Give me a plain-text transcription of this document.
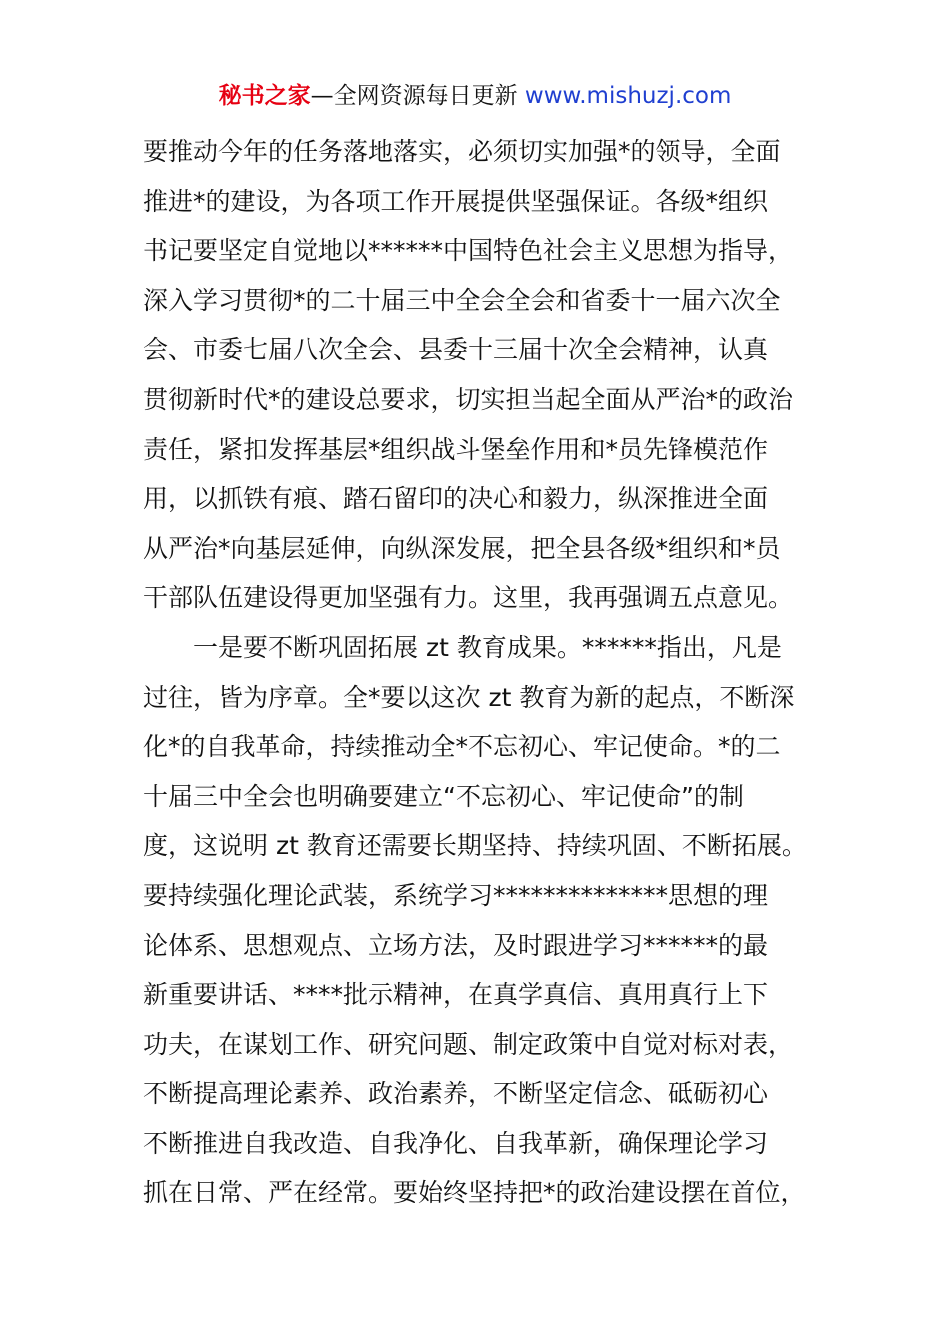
秘书之家—全网资源每日更新 www.mishuzj.com
要推动今年的任务落地落实，必须切实加强*的领导，全面
推进*的建设，为各项工作开展提供坚强保证。各级*组织
书记要坚定自觉地以******中国特色社会主义思想为指导，
深入学习贯彻*的二十届三中全会全会和省委十一届六次全
会、市委七届八次全会、县委十三届十次全会精神，认真
贯彻新时代*的建设总要求，切实担当起全面从严治*的政治
责任，紧扣发挥基层*组织战斗堡垒作用和*员先锋模范作
用，以抓铁有痕、踏石留印的决心和毅力，纵深推进全面
从严治*向基层延伸，向纵深发展，把全县各级*组织和*员
干部队伍建设得更加坚强有力。这里，我再强调五点意见。
一是要不断巩固拓展 zt 教育成果。******指出，凡是
过往，皆为序章。全*要以这次 zt 教育为新的起点，不断深
化*的自我革命，持续推动全*不忘初心、牢记使命。*的二
十届三中全会也明确要建立“不忘初心、牢记使命”的制
度，这说明 zt 教育还需要长期坚持、持续巩固、不断拓展。
要持续强化理论武装，系统学习**************思想的理
论体系、思想观点、立场方法，及时跟进学习******的最
新重要讲话、****批示精神，在真学真信、真用真行上下
功夫，在谋划工作、研究问题、制定政策中自觉对标对表，
不断提高理论素养、政治素养，不断坚定信念、砥砺初心
不断推进自我改造、自我净化、自我革新，确保理论学习
抓在日常、严在经常。要始终坚持把*的政治建设摆在首位，
